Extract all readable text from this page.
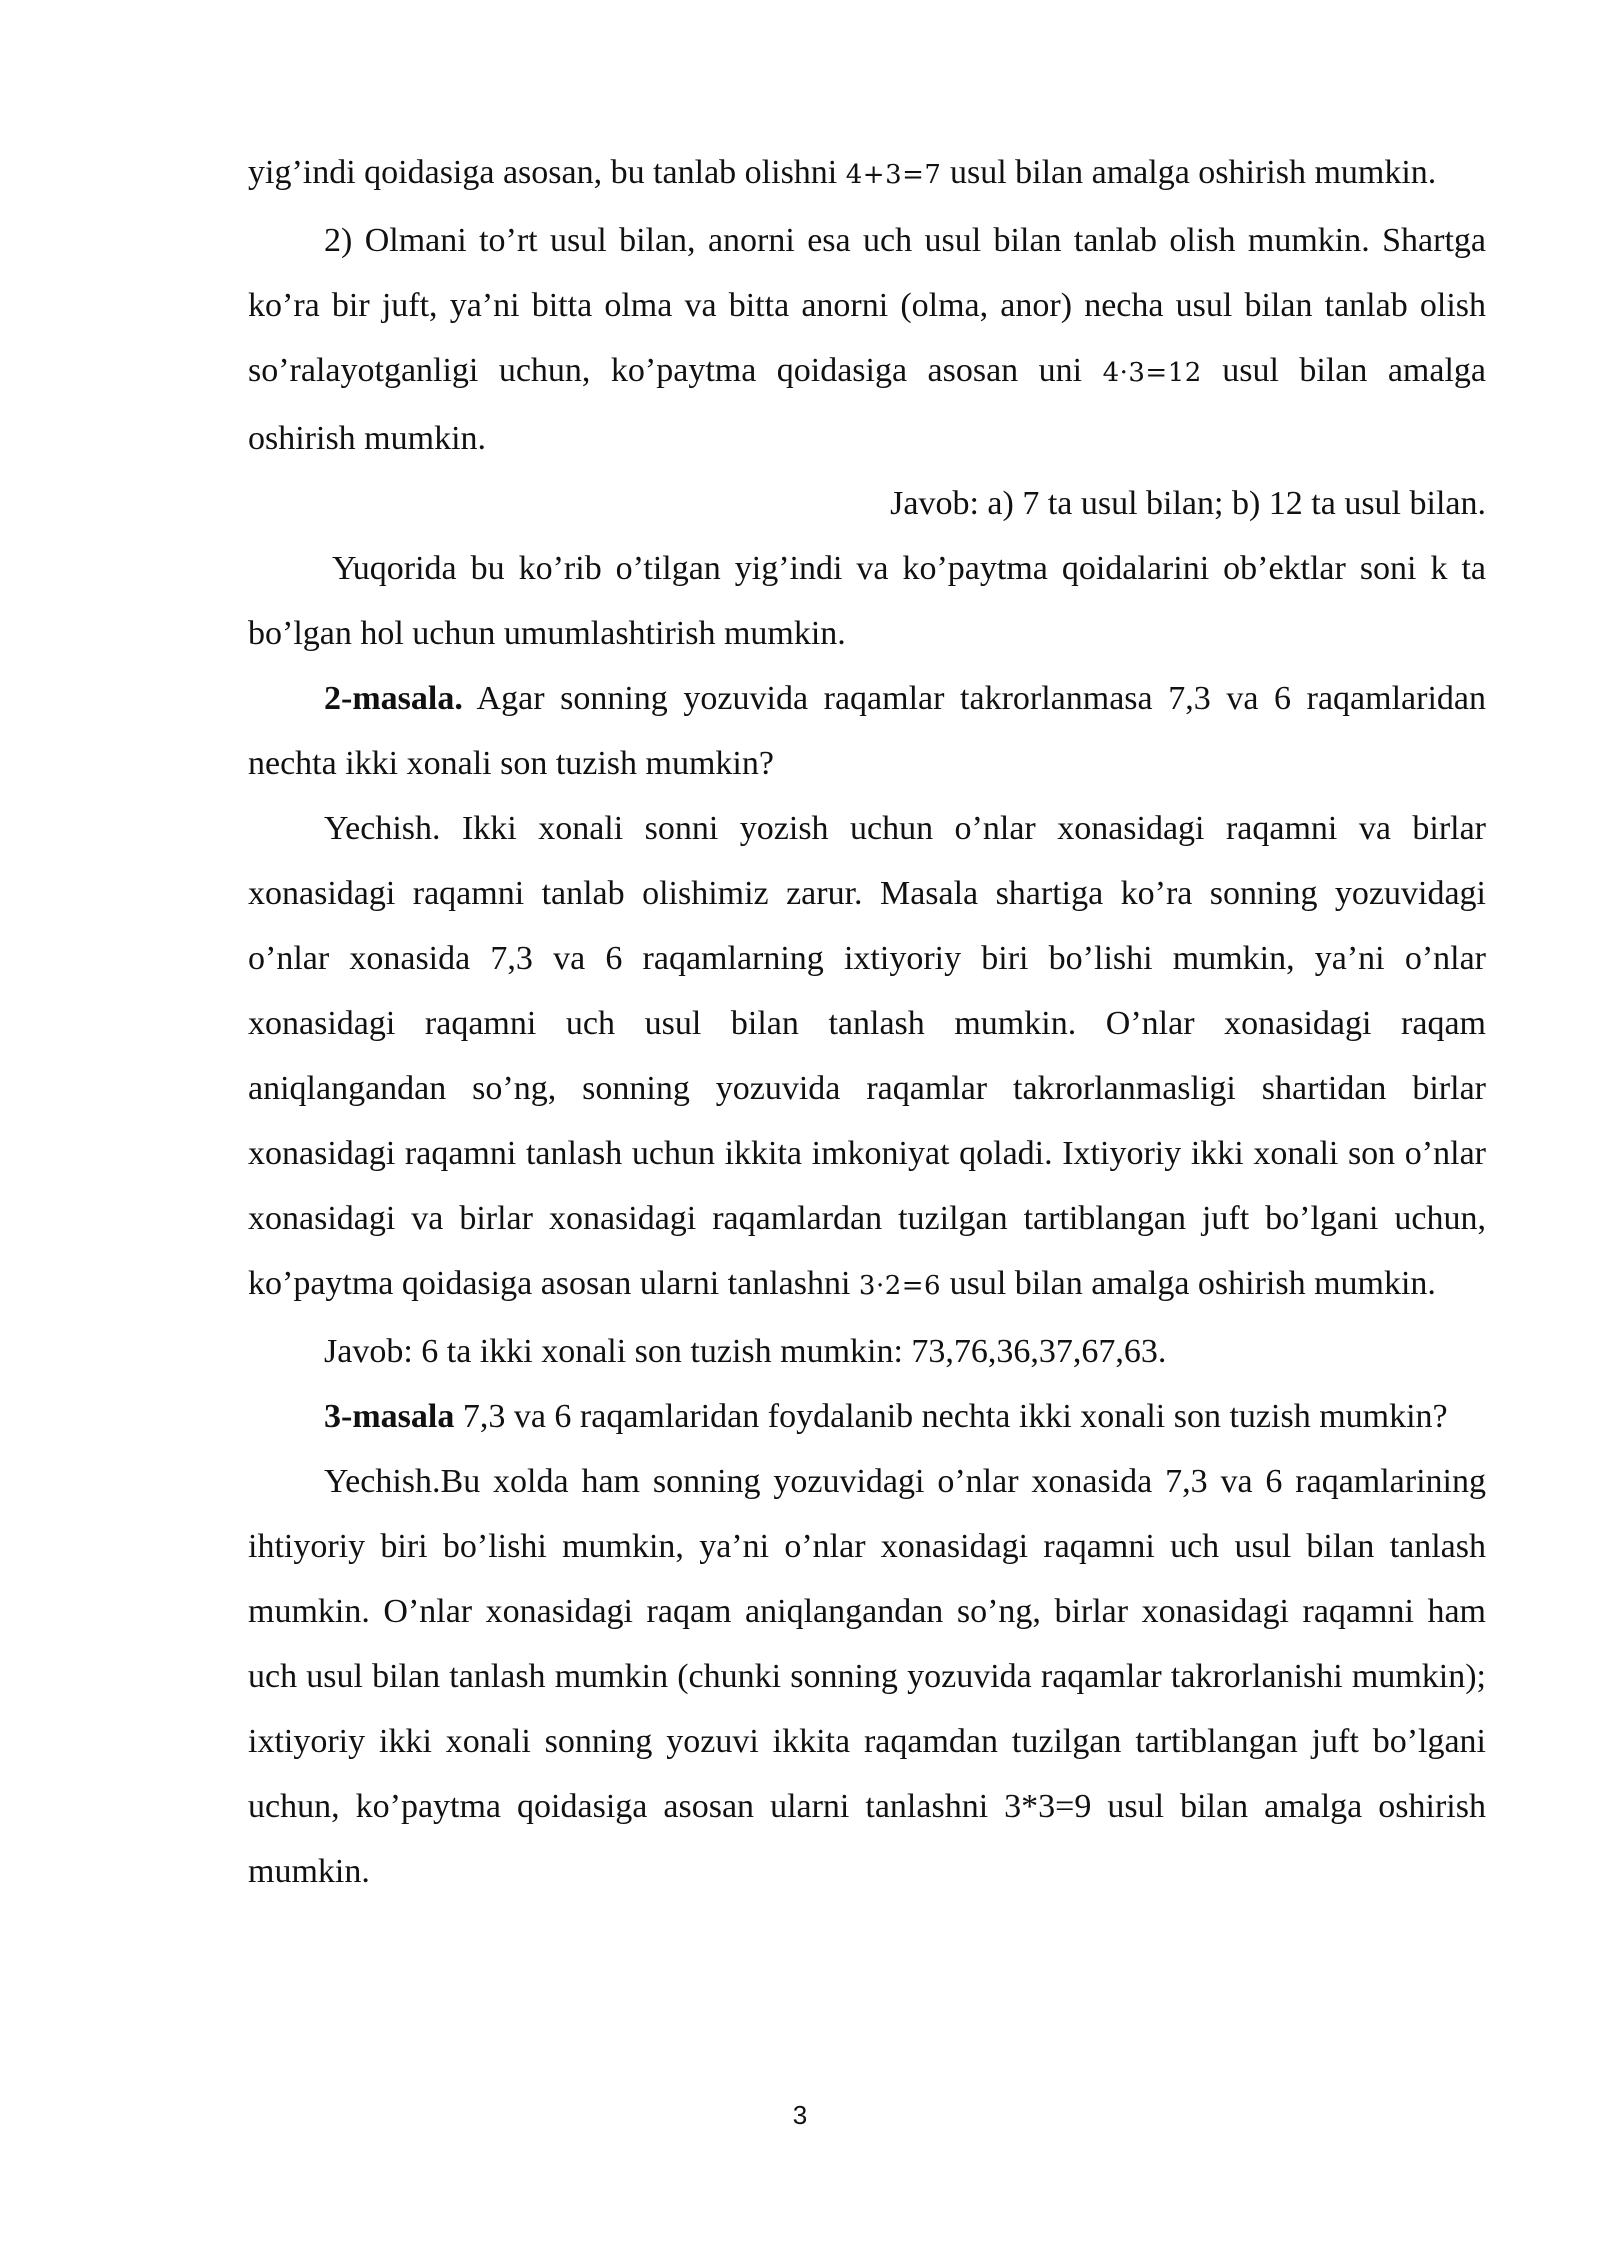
yig’indi qoidasiga asosan, bu tanlab olishni 4+3=7 usul bilan amalga oshirish mumkin.

2) Olmani to’rt usul bilan, anorni esa uch usul bilan tanlab olish mumkin. Shartga ko’ra bir juft, ya’ni bitta olma va bitta anorni (olma, anor) necha usul bilan tanlab olish so’ralayotganligi uchun, ko’paytma qoidasiga asosan uni 4·3=12 usul bilan amalga oshirish mumkin.

Javob: a) 7 ta usul bilan; b) 12 ta usul bilan.

Yuqorida bu ko’rib o’tilgan yig’indi va ko’paytma qoidalarini ob’ektlar soni k ta bo’lgan hol uchun umumlashtirish mumkin.

2-masala. Agar sonning yozuvida raqamlar takrorlanmasa 7,3 va 6 raqamlaridan nechta ikki xonali son tuzish mumkin?

Yechish. Ikki xonali sonni yozish uchun o’nlar xonasidagi raqamni va birlar xonasidagi raqamni tanlab olishimiz zarur. Masala shartiga ko’ra sonning yozuvidagi o’nlar xonasida 7,3 va 6 raqamlarning ixtiyoriy biri bo’lishi mumkin, ya’ni o’nlar xonasidagi raqamni uch usul bilan tanlash mumkin. O’nlar xonasidagi raqam aniqlangandan so’ng, sonning yozuvida raqamlar takrorlanmasligi shartidan birlar xonasidagi raqamni tanlash uchun ikkita imkoniyat qoladi. Ixtiyoriy ikki xonali son o’nlar xonasidagi va birlar xonasidagi raqamlardan tuzilgan tartiblangan juft bo’lgani uchun, ko’paytma qoidasiga asosan ularni tanlashni 3·2=6 usul bilan amalga oshirish mumkin.

Javob: 6 ta ikki xonali son tuzish mumkin: 73,76,36,37,67,63.

3-masala 7,3 va 6 raqamlaridan foydalanib nechta ikki xonali son tuzish mumkin?

Yechish.Bu xolda ham sonning yozuvidagi o’nlar xonasida 7,3 va 6 raqamlarining ihtiyoriy biri bo’lishi mumkin, ya’ni o’nlar xonasidagi raqamni uch usul bilan tanlash mumkin. O’nlar xonasidagi raqam aniqlangandan so’ng, birlar xonasidagi raqamni ham uch usul bilan tanlash mumkin (chunki sonning yozuvida raqamlar takrorlanishi mumkin); ixtiyoriy ikki xonali sonning yozuvi ikkita raqamdan tuzilgan tartiblangan juft bo’lgani uchun, ko’paytma qoidasiga asosan ularni tanlashni 3*3=9 usul bilan amalga oshirish mumkin.

3
